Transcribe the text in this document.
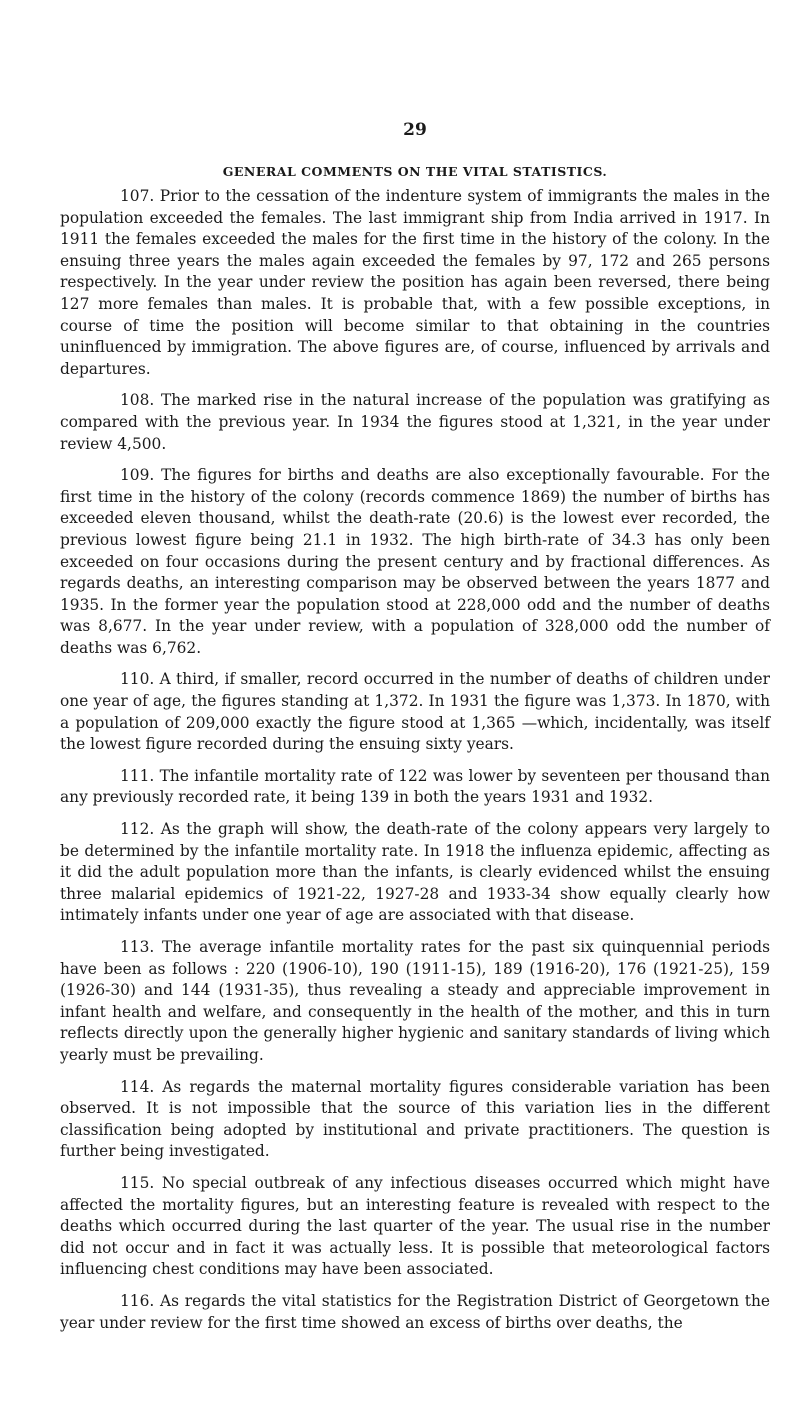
29
GENERAL COMMENTS ON THE VITAL STATISTICS.

107. Prior to the cessation of the indenture system of immigrants the males in the population exceeded the females. The last immigrant ship from India arrived in 1917. In 1911 the females exceeded the males for the first time in the history of the colony. In the ensuing three years the males again exceeded the females by 97, 172 and 265 persons respectively. In the year under review the position has again been reversed, there being 127 more females than males. It is probable that, with a few possible exceptions, in course of time the position will become similar to that obtaining in the countries uninfluenced by immigration. The above figures are, of course, influenced by arrivals and departures.

108. The marked rise in the natural increase of the population was gratifying as compared with the previous year. In 1934 the figures stood at 1,321, in the year under review 4,500.

109. The figures for births and deaths are also exceptionally favourable. For the first time in the history of the colony (records commence 1869) the number of births has exceeded eleven thousand, whilst the death-rate (20.6) is the lowest ever recorded, the previous lowest figure being 21.1 in 1932. The high birth-rate of 34.3 has only been exceeded on four occasions during the present century and by fractional differences. As regards deaths, an interesting comparison may be observed between the years 1877 and 1935. In the former year the population stood at 228,000 odd and the number of deaths was 8,677. In the year under review, with a population of 328,000 odd the number of deaths was 6,762.

110. A third, if smaller, record occurred in the number of deaths of children under one year of age, the figures standing at 1,372. In 1931 the figure was 1,373. In 1870, with a population of 209,000 exactly the figure stood at 1,365 —which, incidentally, was itself the lowest figure recorded during the ensuing sixty years.

111. The infantile mortality rate of 122 was lower by seventeen per thousand than any previously recorded rate, it being 139 in both the years 1931 and 1932.

112. As the graph will show, the death-rate of the colony appears very largely to be determined by the infantile mortality rate. In 1918 the influenza epidemic, affecting as it did the adult population more than the infants, is clearly evidenced whilst the ensuing three malarial epidemics of 1921-22, 1927-28 and 1933-34 show equally clearly how intimately infants under one year of age are associated with that disease.

113. The average infantile mortality rates for the past six quinquennial periods have been as follows : 220 (1906-10), 190 (1911-15), 189 (1916-20), 176 (1921-25), 159 (1926-30) and 144 (1931-35), thus revealing a steady and appreciable improvement in infant health and welfare, and consequently in the health of the mother, and this in turn reflects directly upon the generally higher hygienic and sanitary standards of living which yearly must be prevailing.

114. As regards the maternal mortality figures considerable variation has been observed. It is not impossible that the source of this variation lies in the different classification being adopted by institutional and private practitioners. The question is further being investigated.

115. No special outbreak of any infectious diseases occurred which might have affected the mortality figures, but an interesting feature is revealed with respect to the deaths which occurred during the last quarter of the year. The usual rise in the number did not occur and in fact it was actually less. It is possible that meteorological factors influencing chest conditions may have been associated.

116. As regards the vital statistics for the Registration District of Georgetown the year under review for the first time showed an excess of births over deaths, the
